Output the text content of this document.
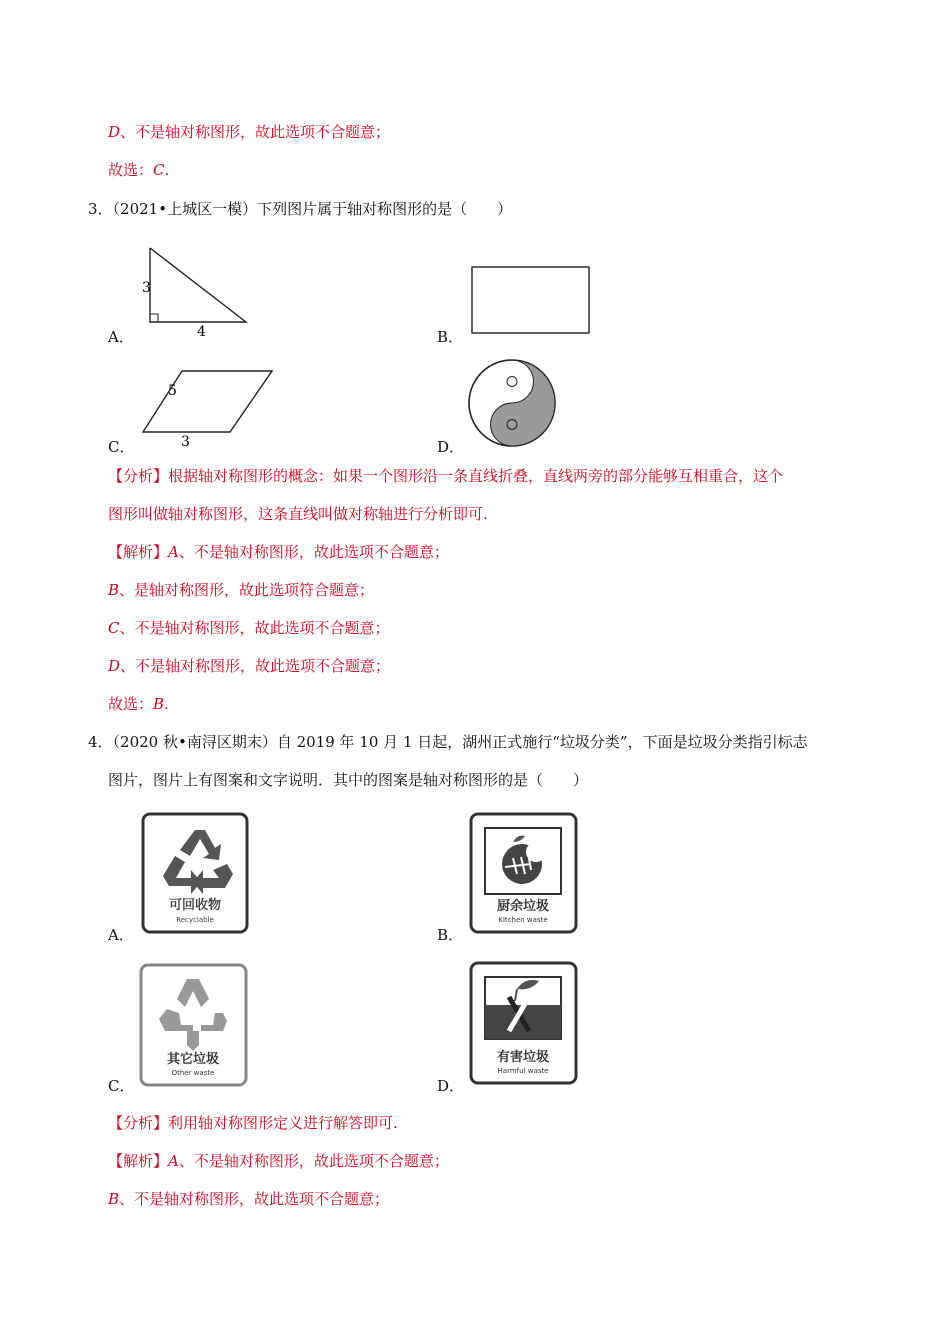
D、不是轴对称图形，故此选项不合题意；
故选：C.
3．（2021•上城区一模）下列图片属于轴对称图形的是（　　）
3
4
A．	B．
5
3
C．	D．
【分析】根据轴对称图形的概念：如果一个图形沿一条直线折叠，直线两旁的部分能够互相重合，这个
图形叫做轴对称图形，这条直线叫做对称轴进行分析即可.
【解析】A、不是轴对称图形，故此选项不合题意；
B、是轴对称图形，故此选项符合题意；
C、不是轴对称图形，故此选项不合题意；
D、不是轴对称图形，故此选项不合题意；
故选：B.
4．（2020 秋•南浔区期末）自 2019 年 10 月 1 日起，湖州正式施行“垃圾分类”，下面是垃圾分类指引标志
图片，图片上有图案和文字说明．其中的图案是轴对称图形的是（　　）
可回收物
Recyclable
A．
厨余垃圾
Kitchen waste
B．
其它垃圾
Other waste
C．
有害垃圾
Harmful waste
D．
【分析】利用轴对称图形定义进行解答即可.
【解析】A、不是轴对称图形，故此选项不合题意；
B、不是轴对称图形，故此选项不合题意；
